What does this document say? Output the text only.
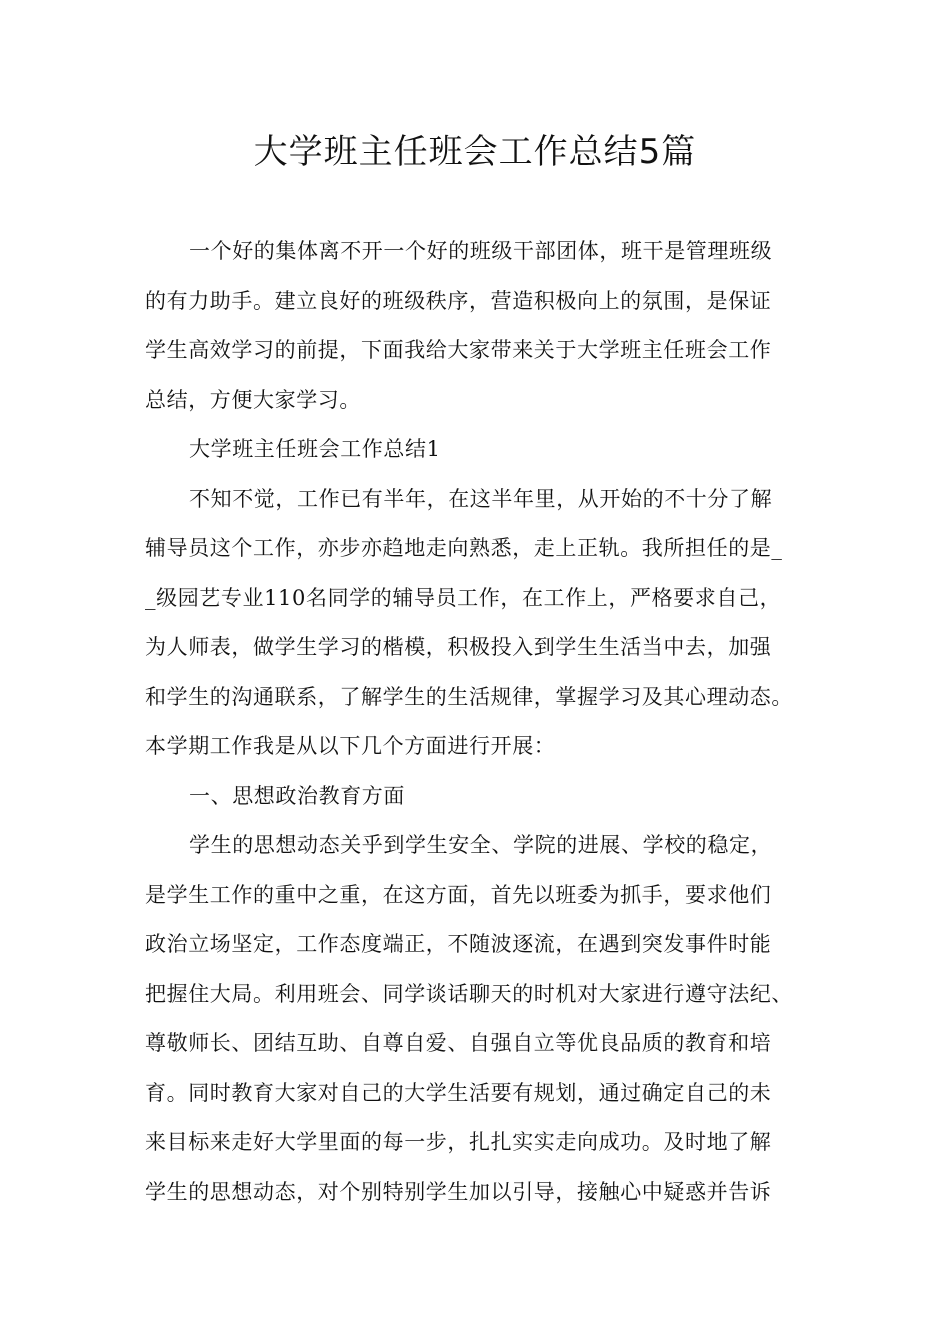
大学班主任班会工作总结5篇

一个好的集体离不开一个好的班级干部团体，班干是管理班级
的有力助手。建立良好的班级秩序，营造积极向上的氛围，是保证
学生高效学习的前提，下面我给大家带来关于大学班主任班会工作
总结，方便大家学习。

大学班主任班会工作总结1

不知不觉，工作已有半年，在这半年里，从开始的不十分了解
辅导员这个工作，亦步亦趋地走向熟悉，走上正轨。我所担任的是_
_级园艺专业110名同学的辅导员工作，在工作上，严格要求自己，
为人师表，做学生学习的楷模，积极投入到学生生活当中去，加强
和学生的沟通联系，了解学生的生活规律，掌握学习及其心理动态。
本学期工作我是从以下几个方面进行开展：

一、思想政治教育方面

学生的思想动态关乎到学生安全、学院的进展、学校的稳定，
是学生工作的重中之重，在这方面，首先以班委为抓手，要求他们
政治立场坚定，工作态度端正，不随波逐流，在遇到突发事件时能
把握住大局。利用班会、同学谈话聊天的时机对大家进行遵守法纪、
尊敬师长、团结互助、自尊自爱、自强自立等优良品质的教育和培
育。同时教育大家对自己的大学生活要有规划，通过确定自己的未
来目标来走好大学里面的每一步，扎扎实实走向成功。及时地了解
学生的思想动态，对个别特别学生加以引导，接触心中疑惑并告诉
